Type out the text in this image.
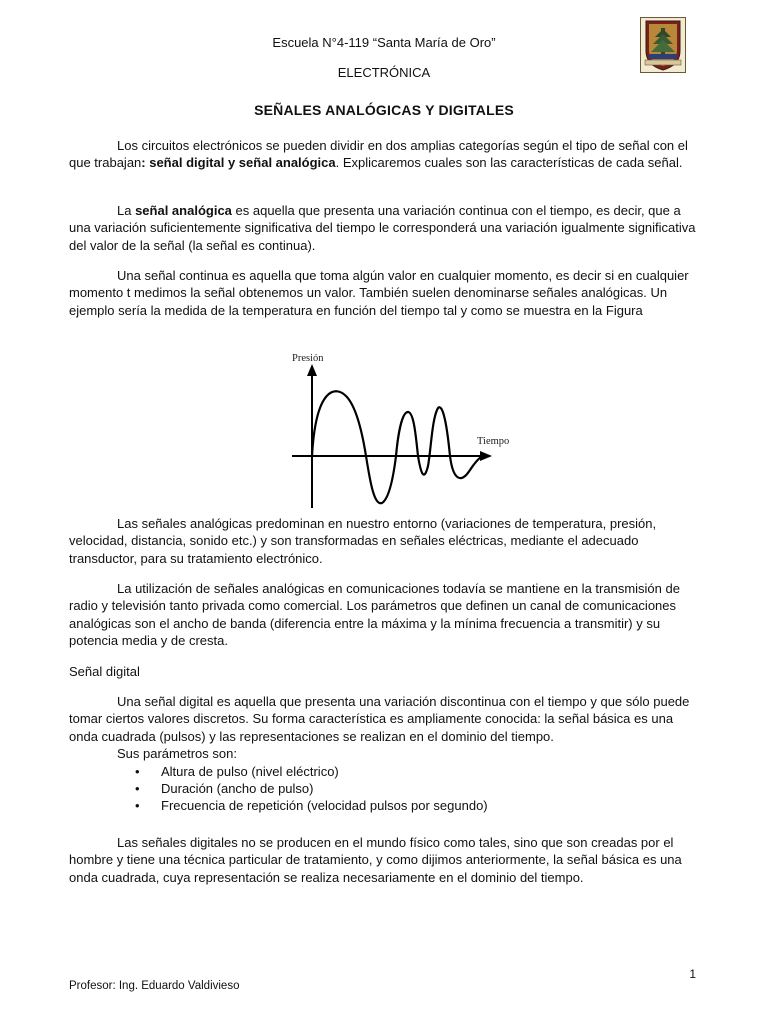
Escuela N°4-119 “Santa María de Oro”
ELECTRÓNICA
SEÑALES ANALÓGICAS Y DIGITALES

Los circuitos electrónicos se pueden dividir en dos amplias categorías según el tipo de señal con el que trabajan: señal digital y señal analógica. Explicaremos cuales son las características de cada señal.

La señal analógica es aquella que presenta una variación continua con el tiempo, es decir, que a una variación suficientemente significativa del tiempo le corresponderá una variación igualmente significativa del valor de la señal (la señal es continua).

Una señal continua es aquella que toma algún valor en cualquier momento, es decir si en cualquier momento t medimos la señal obtenemos un valor. También suelen denominarse señales analógicas. Un ejemplo sería la medida de la temperatura en función del tiempo tal y como se muestra en la Figura

Presión
Tiempo

Las señales analógicas predominan en nuestro entorno (variaciones de temperatura, presión, velocidad, distancia, sonido etc.) y son transformadas en señales eléctricas, mediante el adecuado transductor, para su tratamiento electrónico.

La utilización de señales analógicas en comunicaciones todavía se mantiene en la transmisión de radio y televisión tanto privada como comercial. Los parámetros que definen un canal de comunicaciones analógicas son el ancho de banda (diferencia entre la máxima y la mínima frecuencia a transmitir) y su potencia media y de cresta.

Señal digital

Una señal digital es aquella que presenta una variación discontinua con el tiempo y que sólo puede tomar ciertos valores discretos. Su forma característica es ampliamente conocida: la señal básica es una onda cuadrada (pulsos) y las representaciones se realizan en el dominio del tiempo.

Sus parámetros son:

• Altura de pulso (nivel eléctrico)
• Duración (ancho de pulso)
• Frecuencia de repetición (velocidad pulsos por segundo)

Las señales digitales no se producen en el mundo físico como tales, sino que son creadas por el hombre y tiene una técnica particular de tratamiento, y como dijimos anteriormente, la señal básica es una onda cuadrada, cuya representación se realiza necesariamente en el dominio del tiempo.

1
Profesor: Ing. Eduardo Valdivieso
